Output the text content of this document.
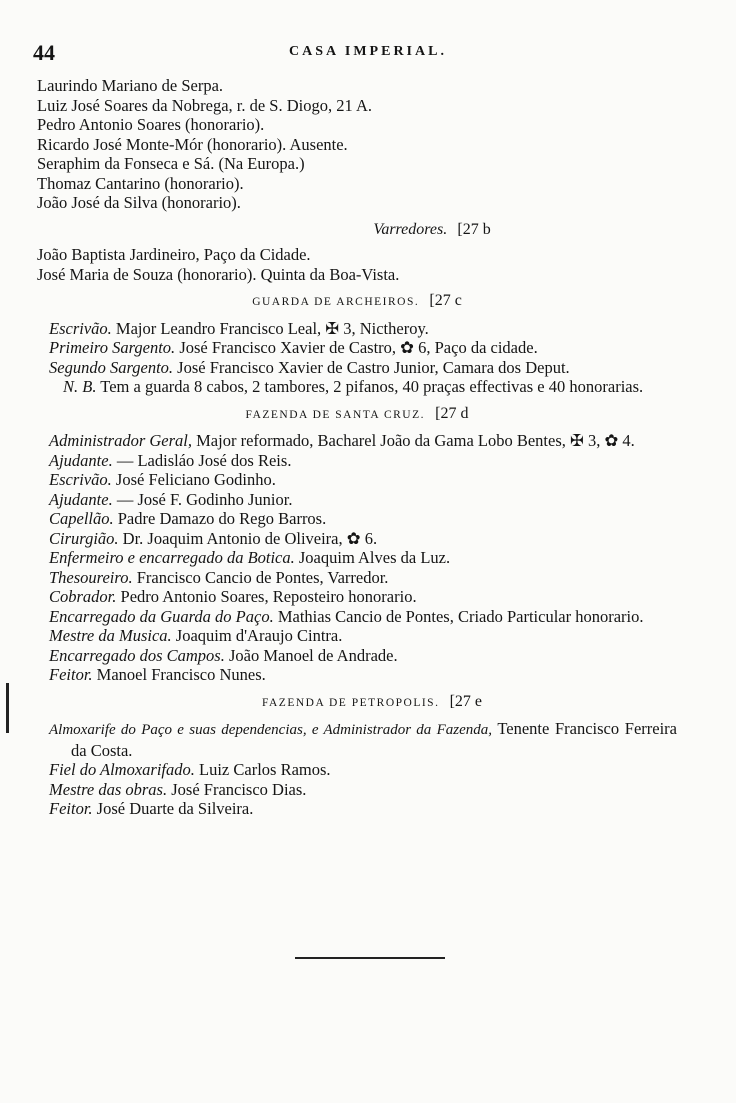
44	CASA IMPERIAL.
Laurindo Mariano de Serpa.
Luiz José Soares da Nobrega, r. de S. Diogo, 21 A.
Pedro Antonio Soares (honorario).
Ricardo José Monte-Mór (honorario). Ausente.
Seraphim da Fonseca e Sá. (Na Europa.)
Thomaz Cantarino (honorario).
João José da Silva (honorario).
Varredores. [27 b
João Baptista Jardineiro, Paço da Cidade.
José Maria de Souza (honorario). Quinta da Boa-Vista.
GUARDA DE ARCHEIROS. [27 c
Escrivão. Major Leandro Francisco Leal, ✠ 3, Nictheroy.
Primeiro Sargento. José Francisco Xavier de Castro, ✿ 6, Paço da cidade.
Segundo Sargento. José Francisco Xavier de Castro Junior, Camara dos Deput.
N. B. Tem a guarda 8 cabos, 2 tambores, 2 pifanos, 40 praças effectivas e 40 honorarias.
FAZENDA DE SANTA CRUZ. [27 d
Administrador Geral, Major reformado, Bacharel João da Gama Lobo Bentes, ✠ 3, ✿ 4.
Ajudante. — Ladisláo José dos Reis.
Escrivão. José Feliciano Godinho.
Ajudante. — José F. Godinho Junior.
Capellão. Padre Damazo do Rego Barros.
Cirurgião. Dr. Joaquim Antonio de Oliveira, ✿ 6.
Enfermeiro e encarregado da Botica. Joaquim Alves da Luz.
Thesoureiro. Francisco Cancio de Pontes, Varredor.
Cobrador. Pedro Antonio Soares, Reposteiro honorario.
Encarregado da Guarda do Paço. Mathias Cancio de Pontes, Criado Particular honorario.
Mestre da Musica. Joaquim d'Araujo Cintra.
Encarregado dos Campos. João Manoel de Andrade.
Feitor. Manoel Francisco Nunes.
FAZENDA DE PETROPOLIS. [27 e
Almoxarife do Paço e suas dependencias, e Administrador da Fazenda, Tenente Francisco Ferreira da Costa.
Fiel do Almoxarifado. Luiz Carlos Ramos.
Mestre das obras. José Francisco Dias.
Feitor. José Duarte da Silveira.
